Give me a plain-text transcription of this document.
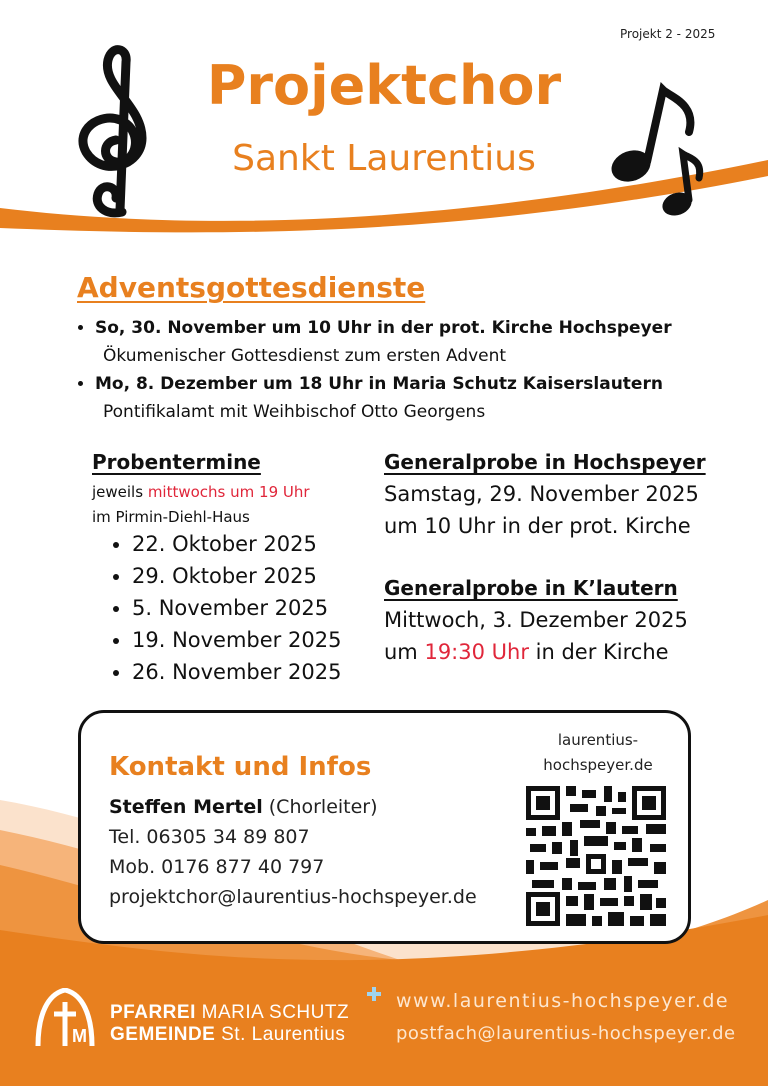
Projekt 2 - 2025
Projektchor
Sankt Laurentius
Adventsgottesdienste
• So, 30. November um 10 Uhr in der prot. Kirche Hochspeyer
Ökumenischer Gottesdienst zum ersten Advent
• Mo, 8. Dezember um 18 Uhr in Maria Schutz Kaiserslautern
Pontifikalamt mit Weihbischof Otto Georgens
Probentermine
jeweils mittwochs um 19 Uhr
im Pirmin-Diehl-Haus
• 22. Oktober 2025
• 29. Oktober 2025
• 5. November 2025
• 19. November 2025
• 26. November 2025
Generalprobe in Hochspeyer
Samstag, 29. November 2025
um 10 Uhr in der prot. Kirche
Generalprobe in K’lautern
Mittwoch, 3. Dezember 2025
um 19:30 Uhr in der Kirche
Kontakt und Infos
Steffen Mertel (Chorleiter)
Tel. 06305 34 89 807
Mob. 0176 877 40 797
projektchor@laurentius-hochspeyer.de
laurentius-
hochspeyer.de
M
PFARREI MARIA SCHUTZ
GEMEINDE St. Laurentius
www.laurentius-hochspeyer.de
postfach@laurentius-hochspeyer.de
